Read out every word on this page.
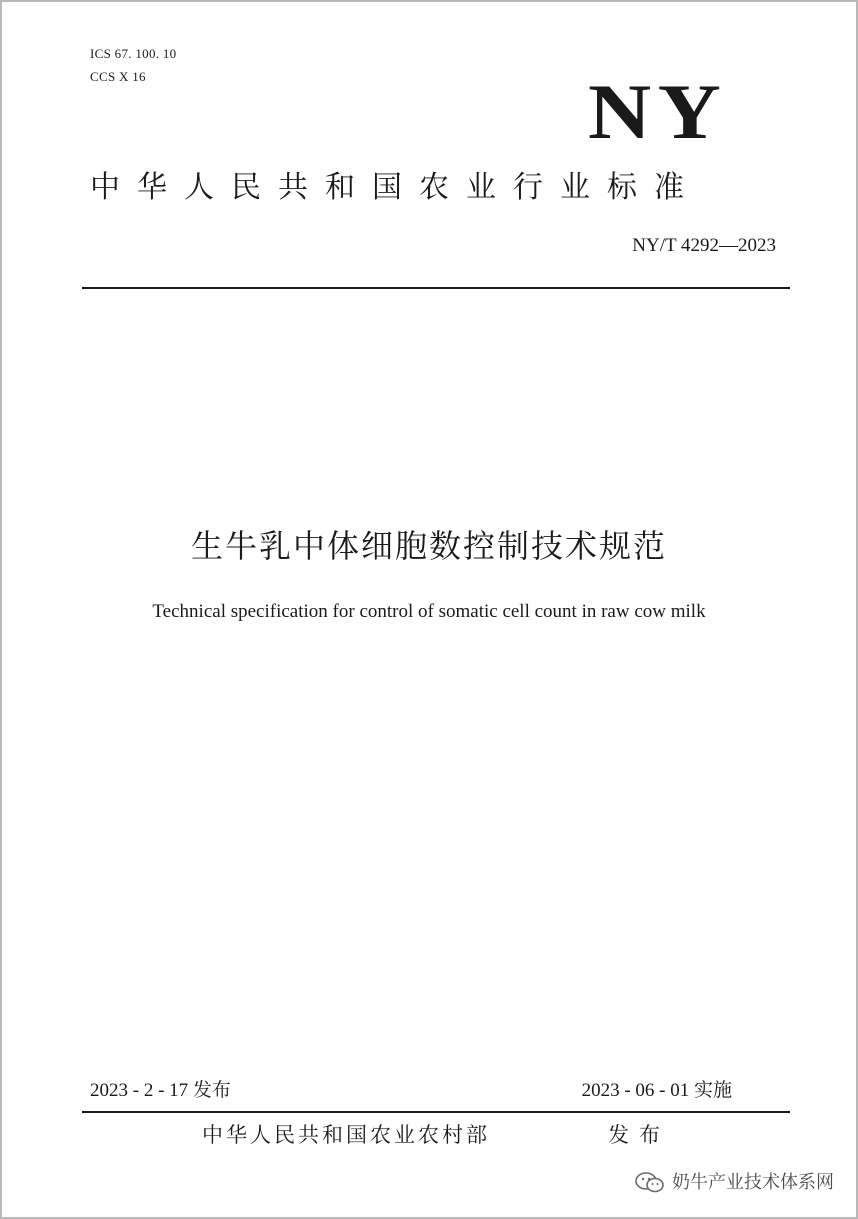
ICS 67. 100. 10
CCS X 16	NY
中华人民共和国农业行业标准
NY/T 4292—2023
生牛乳中体细胞数控制技术规范
Technical specification for control of somatic cell count in raw cow milk
2023 - 2 - 17 发布	2023 - 06 - 01 实施
中华人民共和国农业农村部	发布
奶牛产业技术体系网
